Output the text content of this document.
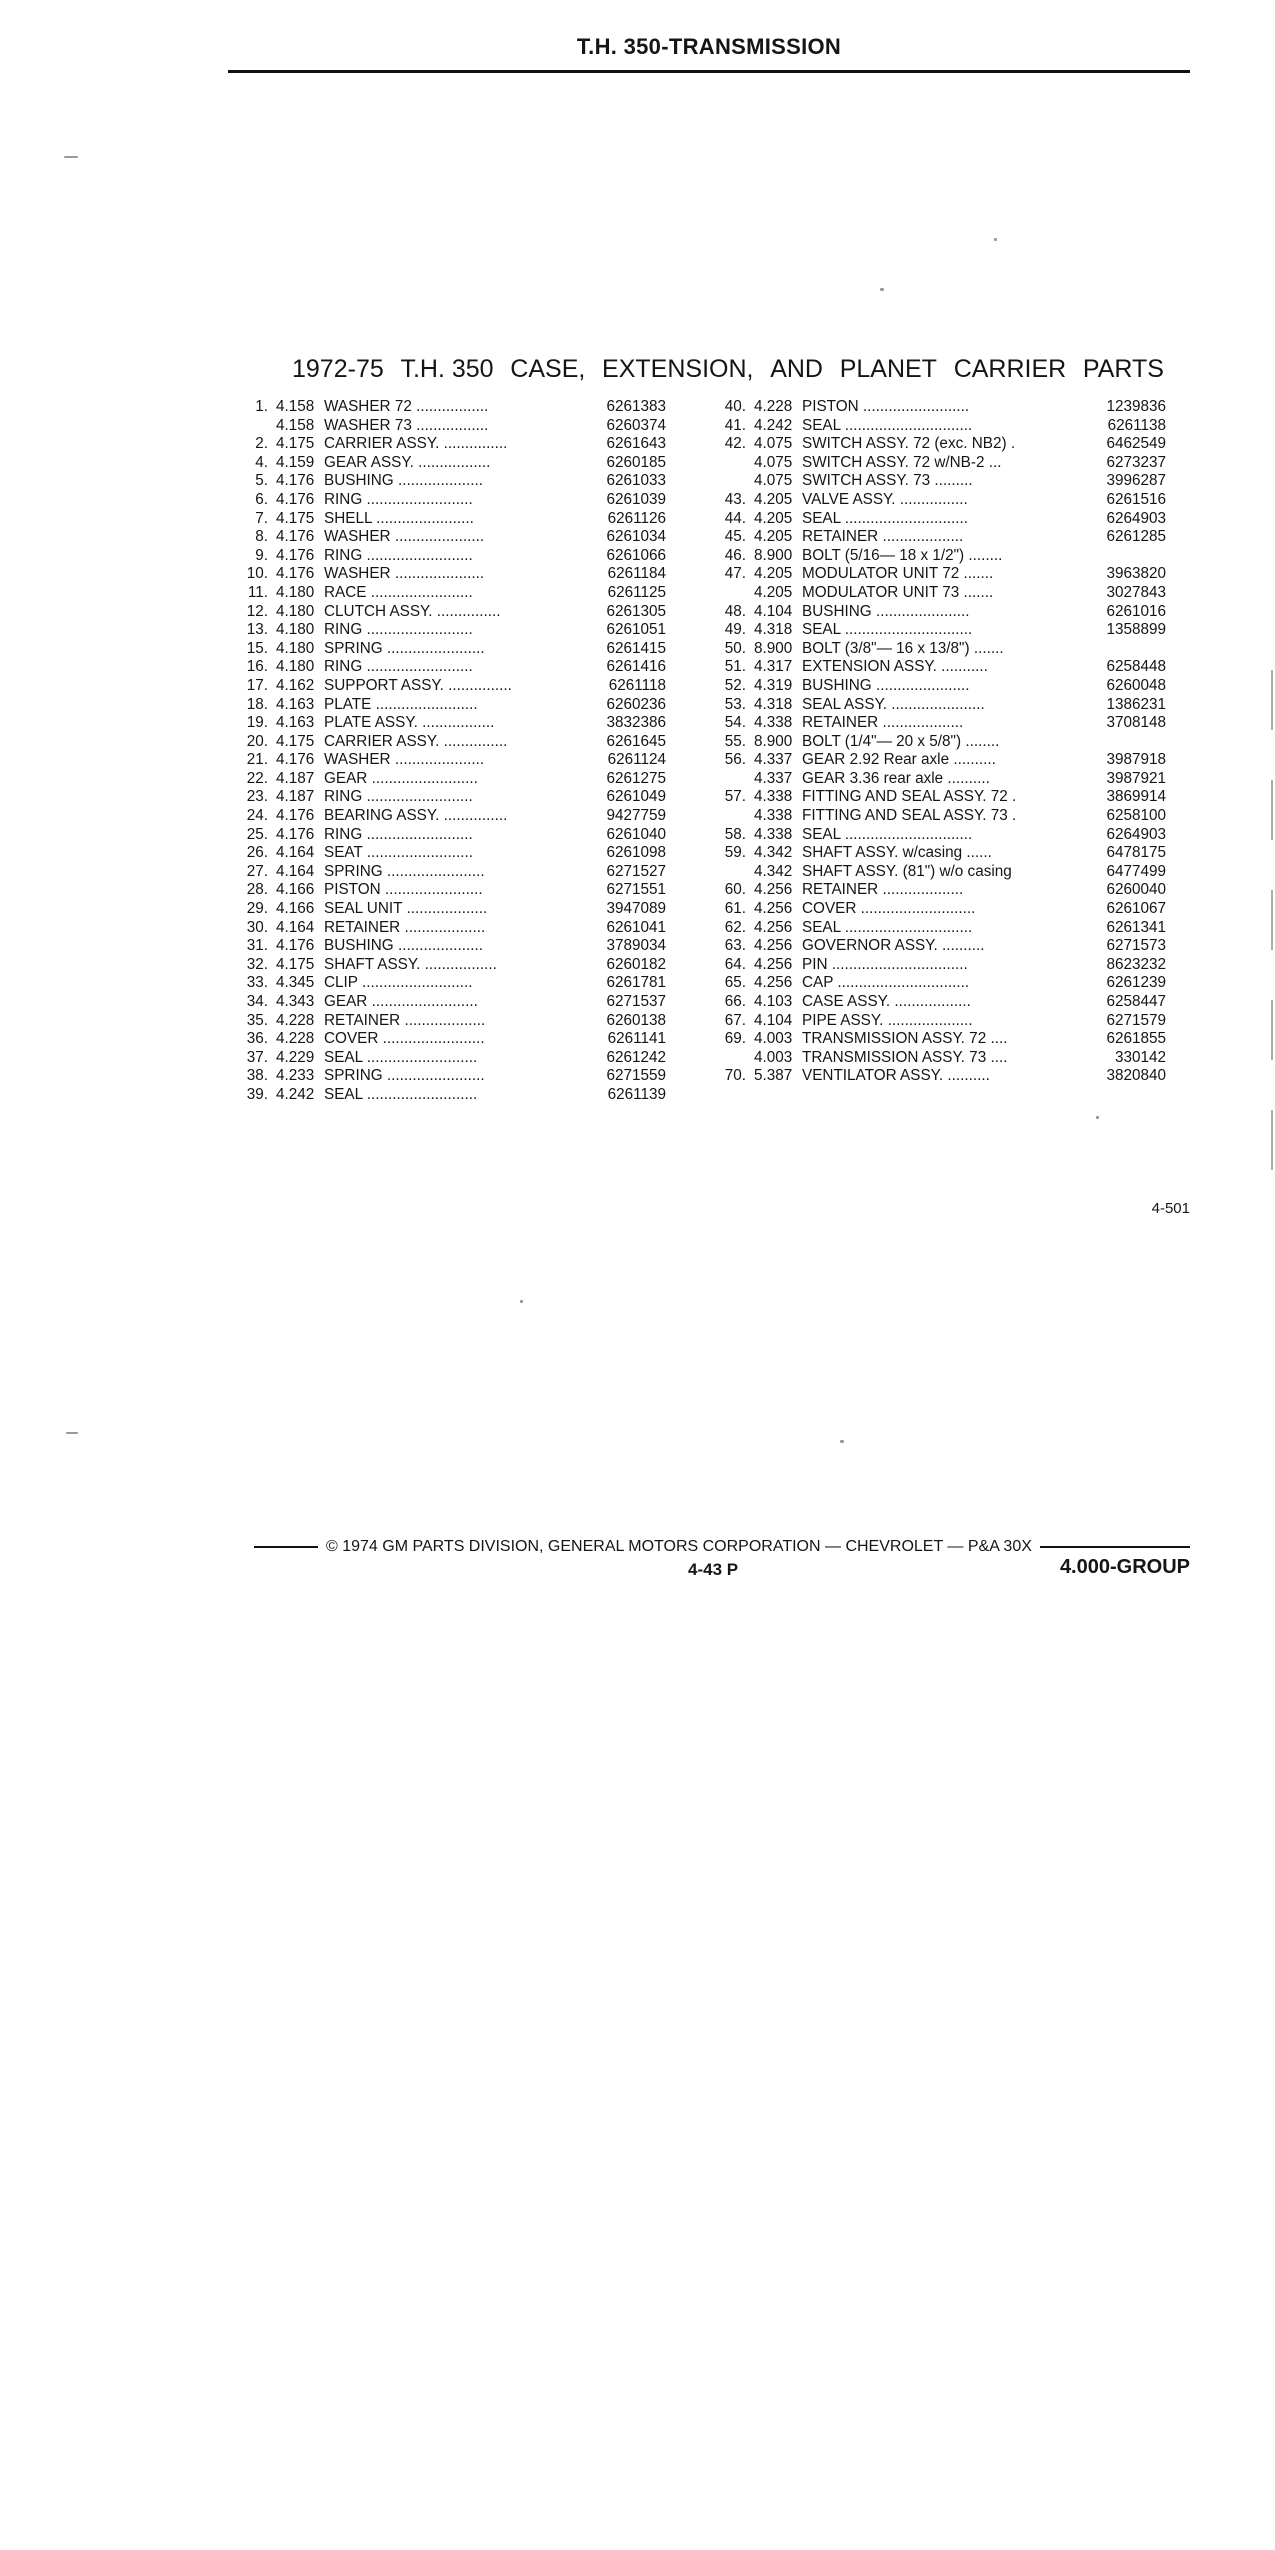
T.H. 350-TRANSMISSION
1972-75 T.H. 350 CASE, EXTENSION, AND PLANET CARRIER PARTS
1. 4.158 WASHER 72 .................	6261383
4.158 WASHER 73 .................	6260374
2. 4.175 CARRIER ASSY. ...............	6261643
4. 4.159 GEAR ASSY. .................	6260185
5. 4.176 BUSHING ....................	6261033
6. 4.176 RING .........................	6261039
7. 4.175 SHELL .......................	6261126
8. 4.176 WASHER .....................	6261034
9. 4.176 RING .........................	6261066
10. 4.176 WASHER .....................	6261184
11. 4.180 RACE ........................	6261125
12. 4.180 CLUTCH ASSY. ...............	6261305
13. 4.180 RING .........................	6261051
15. 4.180 SPRING .......................	6261415
16. 4.180 RING .........................	6261416
17. 4.162 SUPPORT ASSY. ...............	6261118
18. 4.163 PLATE ........................	6260236
19. 4.163 PLATE ASSY. .................	3832386
20. 4.175 CARRIER ASSY. ...............	6261645
21. 4.176 WASHER .....................	6261124
22. 4.187 GEAR .........................	6261275
23. 4.187 RING .........................	6261049
24. 4.176 BEARING ASSY. ...............	9427759
25. 4.176 RING .........................	6261040
26. 4.164 SEAT .........................	6261098
27. 4.164 SPRING .......................	6271527
28. 4.166 PISTON .......................	6271551
29. 4.166 SEAL UNIT ...................	3947089
30. 4.164 RETAINER ...................	6261041
31. 4.176 BUSHING ....................	3789034
32. 4.175 SHAFT ASSY. .................	6260182
33. 4.345 CLIP ..........................	6261781
34. 4.343 GEAR .........................	6271537
35. 4.228 RETAINER ...................	6260138
36. 4.228 COVER ........................	6261141
37. 4.229 SEAL ..........................	6261242
38. 4.233 SPRING .......................	6271559
39. 4.242 SEAL ..........................	6261139
40. 4.228 PISTON .........................	1239836
41. 4.242 SEAL ..............................	6261138
42. 4.075 SWITCH ASSY. 72 (exc. NB2) .	6462549
4.075 SWITCH ASSY. 72 w/NB-2 ...	6273237
4.075 SWITCH ASSY. 73 .........	3996287
43. 4.205 VALVE ASSY. ................	6261516
44. 4.205 SEAL .............................	6264903
45. 4.205 RETAINER ...................	6261285
46. 8.900 BOLT (5/16— 18 x 1/2") ........
47. 4.205 MODULATOR UNIT 72 .......	3963820
4.205 MODULATOR UNIT 73 .......	3027843
48. 4.104 BUSHING ......................	6261016
49. 4.318 SEAL ..............................	1358899
50. 8.900 BOLT (3/8"— 16 x 13/8") .......
51. 4.317 EXTENSION ASSY. ...........	6258448
52. 4.319 BUSHING ......................	6260048
53. 4.318 SEAL ASSY. ......................	1386231
54. 4.338 RETAINER ...................	3708148
55. 8.900 BOLT (1/4"— 20 x 5/8") ........
56. 4.337 GEAR 2.92 Rear axle ..........	3987918
4.337 GEAR 3.36 rear axle ..........	3987921
57. 4.338 FITTING AND SEAL ASSY. 72 .	3869914
4.338 FITTING AND SEAL ASSY. 73 .	6258100
58. 4.338 SEAL ..............................	6264903
59. 4.342 SHAFT ASSY. w/casing ......	6478175
4.342 SHAFT ASSY. (81") w/o casing	6477499
60. 4.256 RETAINER ...................	6260040
61. 4.256 COVER ...........................	6261067
62. 4.256 SEAL ..............................	6261341
63. 4.256 GOVERNOR ASSY. ..........	6271573
64. 4.256 PIN ................................	8623232
65. 4.256 CAP ...............................	6261239
66. 4.103 CASE ASSY. ..................	6258447
67. 4.104 PIPE ASSY. ....................	6271579
69. 4.003 TRANSMISSION ASSY. 72 ....	6261855
4.003 TRANSMISSION ASSY. 73 ....	330142
70. 5.387 VENTILATOR ASSY. ..........	3820840
4-501
© 1974 GM PARTS DIVISION, GENERAL MOTORS CORPORATION — CHEVROLET — P&A 30X
4-43 P	4.000-GROUP
